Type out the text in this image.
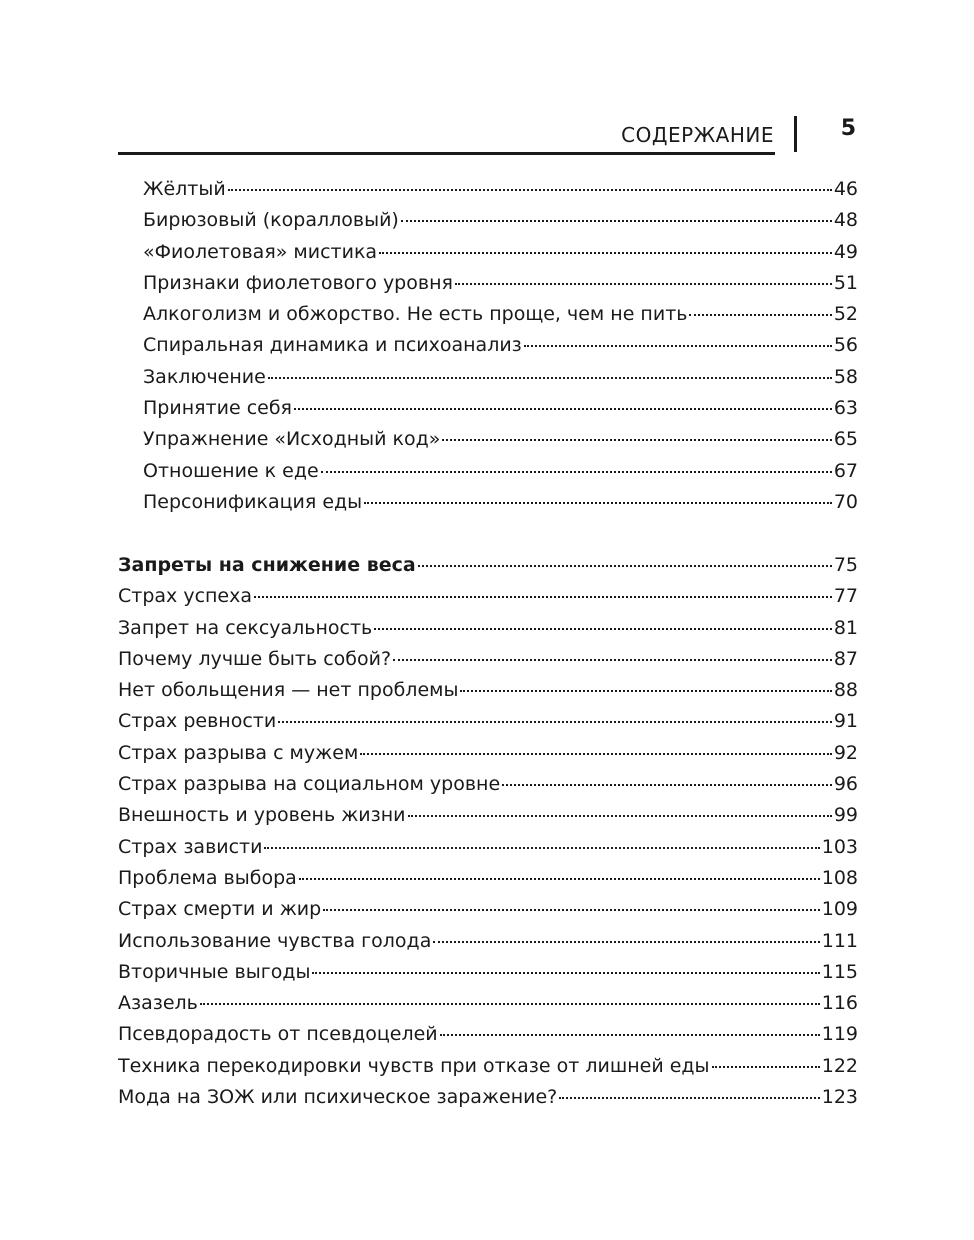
СОДЕРЖАНИЕ	5
Жёлтый	46
Бирюзовый (коралловый)	48
«Фиолетовая» мистика	49
Признаки фиолетового уровня	51
Алкоголизм и обжорство. Не есть проще, чем не пить	52
Спиральная динамика и психоанализ	56
Заключение	58
Принятие себя	63
Упражнение «Исходный код»	65
Отношение к еде	67
Персонификация еды	70
Запреты на снижение веса	75
Страх успеха	77
Запрет на сексуальность	81
Почему лучше быть собой?	87
Нет обольщения — нет проблемы	88
Страх ревности	91
Страх разрыва с мужем	92
Страх разрыва на социальном уровне	96
Внешность и уровень жизни	99
Страх зависти	103
Проблема выбора	108
Страх смерти и жир	109
Использование чувства голода	111
Вторичные выгоды	115
Азазель	116
Псевдорадость от псевдоцелей	119
Техника перекодировки чувств при отказе от лишней еды	122
Мода на ЗОЖ или психическое заражение?	123
